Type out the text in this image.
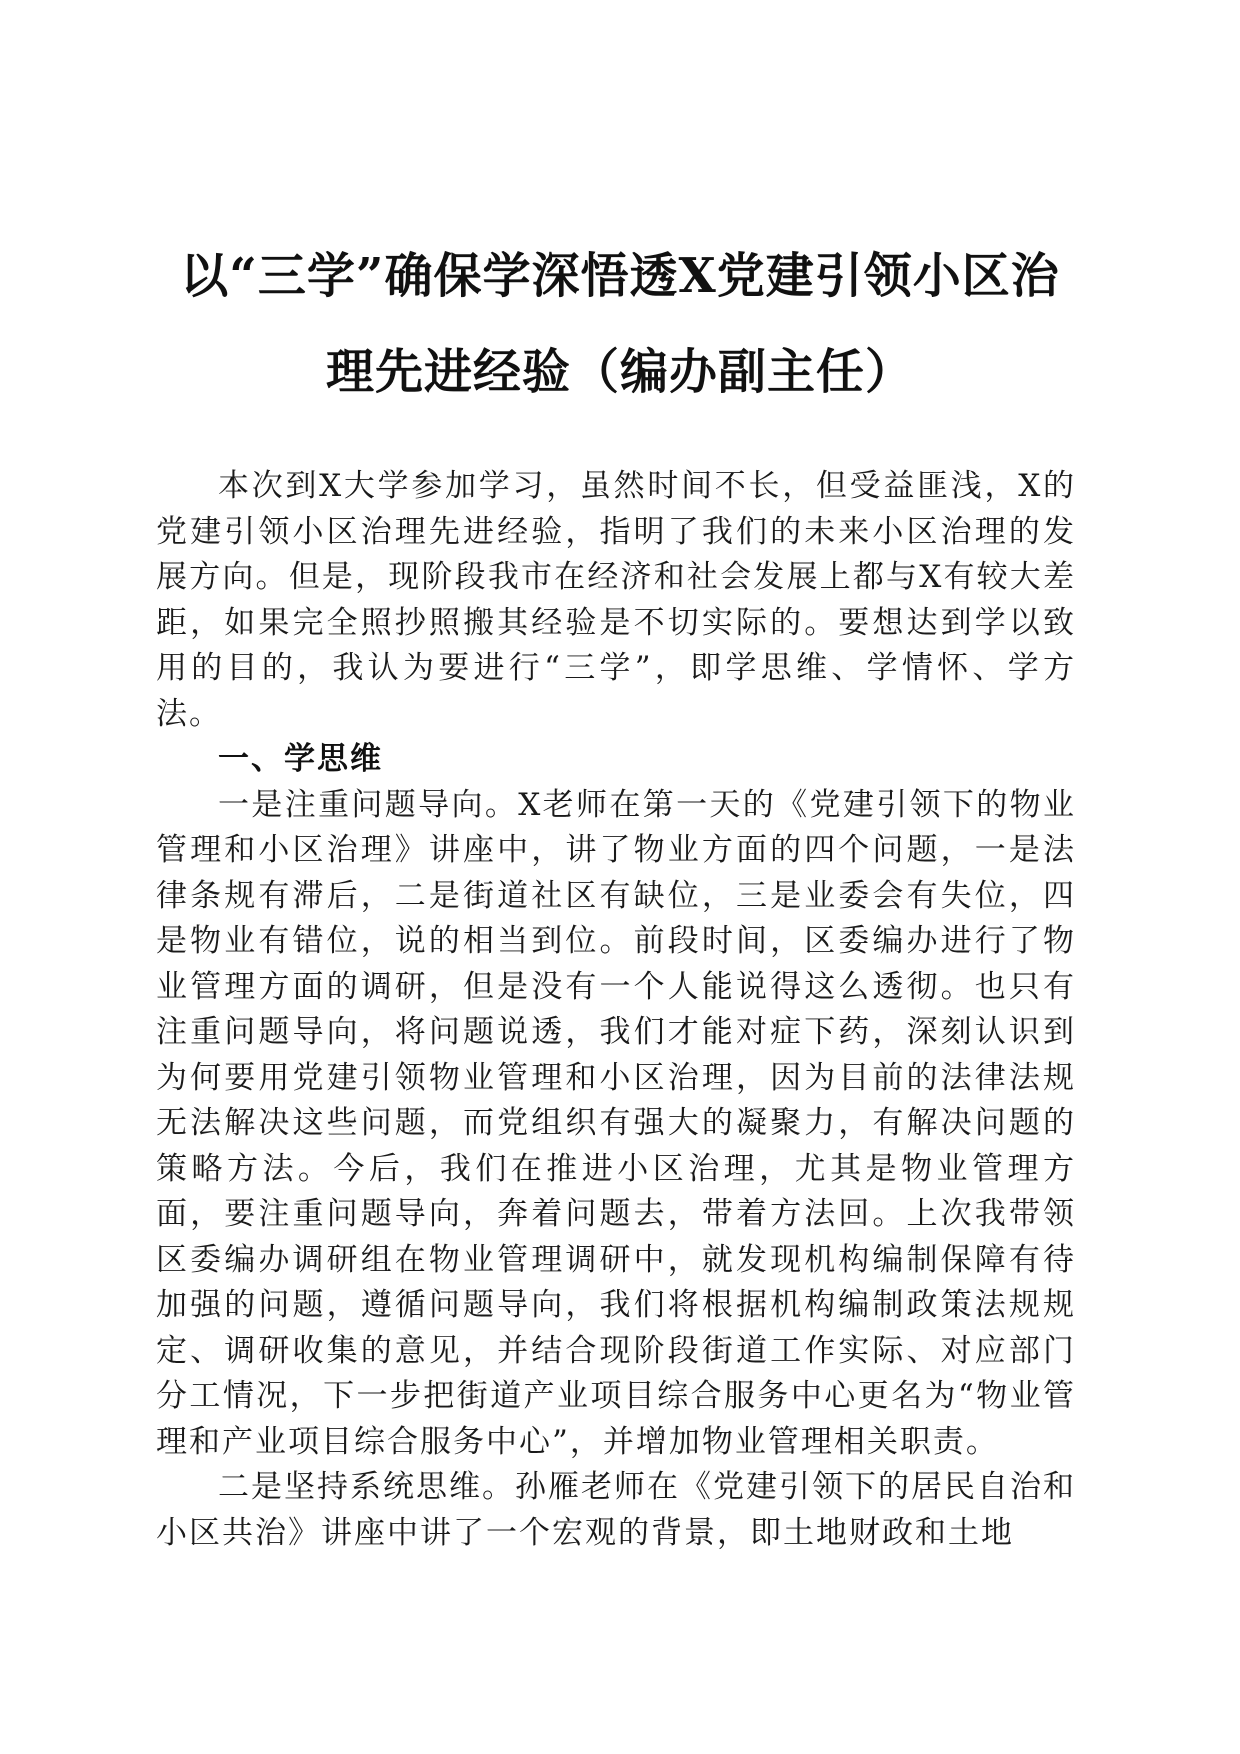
以“三学”确保学深悟透X党建引领小区治
理先进经验（编办副主任）

本次到X大学参加学习，虽然时间不长，但受益匪浅，X的党建引领小区治理先进经验，指明了我们的未来小区治理的发展方向。但是，现阶段我市在经济和社会发展上都与X有较大差距，如果完全照抄照搬其经验是不切实际的。要想达到学以致用的目的，我认为要进行“三学”，即学思维、学情怀、学方法。

一、学思维

一是注重问题导向。X老师在第一天的《党建引领下的物业管理和小区治理》讲座中，讲了物业方面的四个问题，一是法律条规有滞后，二是街道社区有缺位，三是业委会有失位，四是物业有错位，说的相当到位。前段时间，区委编办进行了物业管理方面的调研，但是没有一个人能说得这么透彻。也只有注重问题导向，将问题说透，我们才能对症下药，深刻认识到为何要用党建引领物业管理和小区治理，因为目前的法律法规无法解决这些问题，而党组织有强大的凝聚力，有解决问题的策略方法。今后，我们在推进小区治理，尤其是物业管理方面，要注重问题导向，奔着问题去，带着方法回。上次我带领区委编办调研组在物业管理调研中，就发现机构编制保障有待加强的问题，遵循问题导向，我们将根据机构编制政策法规规定、调研收集的意见，并结合现阶段街道工作实际、对应部门分工情况，下一步把街道产业项目综合服务中心更名为“物业管理和产业项目综合服务中心”，并增加物业管理相关职责。

二是坚持系统思维。孙雁老师在《党建引领下的居民自治和小区共治》讲座中讲了一个宏观的背景，即土地财政和土地
